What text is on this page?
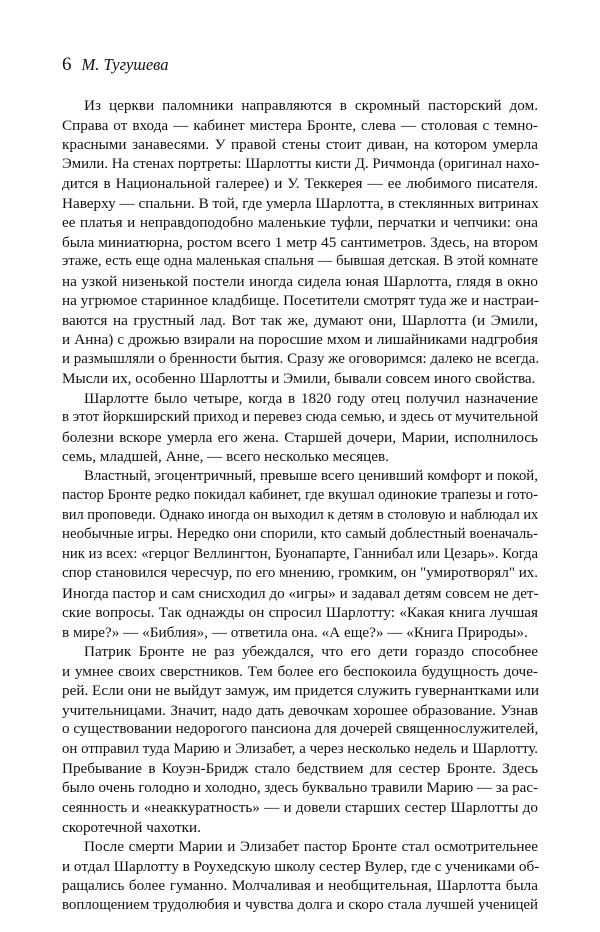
6 М. Тугушева
Из церкви паломники направляются в скромный пасторский дом.
Справа от входа — кабинет мистера Бронте, слева — столовая с темно-
красными занавесями. У правой стены стоит диван, на котором умерла
Эмили. На стенах портреты: Шарлотты кисти Д. Ричмонда (оригинал нахо-
дится в Национальной галерее) и У. Теккерея — ее любимого писателя.
Наверху — спальни. В той, где умерла Шарлотта, в стеклянных витринах
ее платья и неправдоподобно маленькие туфли, перчатки и чепчики: она
была миниатюрна, ростом всего 1 метр 45 сантиметров. Здесь, на втором
этаже, есть еще одна маленькая спальня — бывшая детская. В этой комнате
на узкой низенькой постели иногда сидела юная Шарлотта, глядя в окно
на угрюмое старинное кладбище. Посетители смотрят туда же и настраи-
ваются на грустный лад. Вот так же, думают они, Шарлотта (и Эмили,
и Анна) с дрожью взирали на поросшие мхом и лишайниками надгробия
и размышляли о бренности бытия. Сразу же оговоримся: далеко не всегда.
Мысли их, особенно Шарлотты и Эмили, бывали совсем иного свойства.
Шарлотте было четыре, когда в 1820 году отец получил назначение
в этот йоркширский приход и перевез сюда семью, и здесь от мучительной
болезни вскоре умерла его жена. Старшей дочери, Марии, исполнилось
семь, младшей, Анне, — всего несколько месяцев.
Властный, эгоцентричный, превыше всего ценивший комфорт и покой,
пастор Бронте редко покидал кабинет, где вкушал одинокие трапезы и гото-
вил проповеди. Однако иногда он выходил к детям в столовую и наблюдал их
необычные игры. Нередко они спорили, кто самый доблестный военачаль-
ник из всех: «герцог Веллингтон, Буонапарте, Ганнибал или Цезарь». Когда
спор становился чересчур, по его мнению, громким, он "умиротворял" их.
Иногда пастор и сам снисходил до «игры» и задавал детям совсем не дет-
ские вопросы. Так однажды он спросил Шарлотту: «Какая книга лучшая
в мире?» — «Библия», — ответила она. «А еще?» — «Книга Природы».
Патрик Бронте не раз убеждался, что его дети гораздо способнее
и умнее своих сверстников. Тем более его беспокоила будущность доче-
рей. Если они не выйдут замуж, им придется служить гувернантками или
учительницами. Значит, надо дать девочкам хорошее образование. Узнав
о существовании недорогого пансиона для дочерей священнослужителей,
он отправил туда Марию и Элизабет, а через несколько недель и Шарлотту.
Пребывание в Коуэн-Бридж стало бедствием для сестер Бронте. Здесь
было очень голодно и холодно, здесь буквально травили Марию — за рас-
сеянность и «неаккуратность» — и довели старших сестер Шарлотты до
скоротечной чахотки.
После смерти Марии и Элизабет пастор Бронте стал осмотрительнее
и отдал Шарлотту в Роухедскую школу сестер Вулер, где с учениками об-
ращались более гуманно. Молчаливая и необщительная, Шарлотта была
воплощением трудолюбия и чувства долга и скоро стала лучшей ученицей
